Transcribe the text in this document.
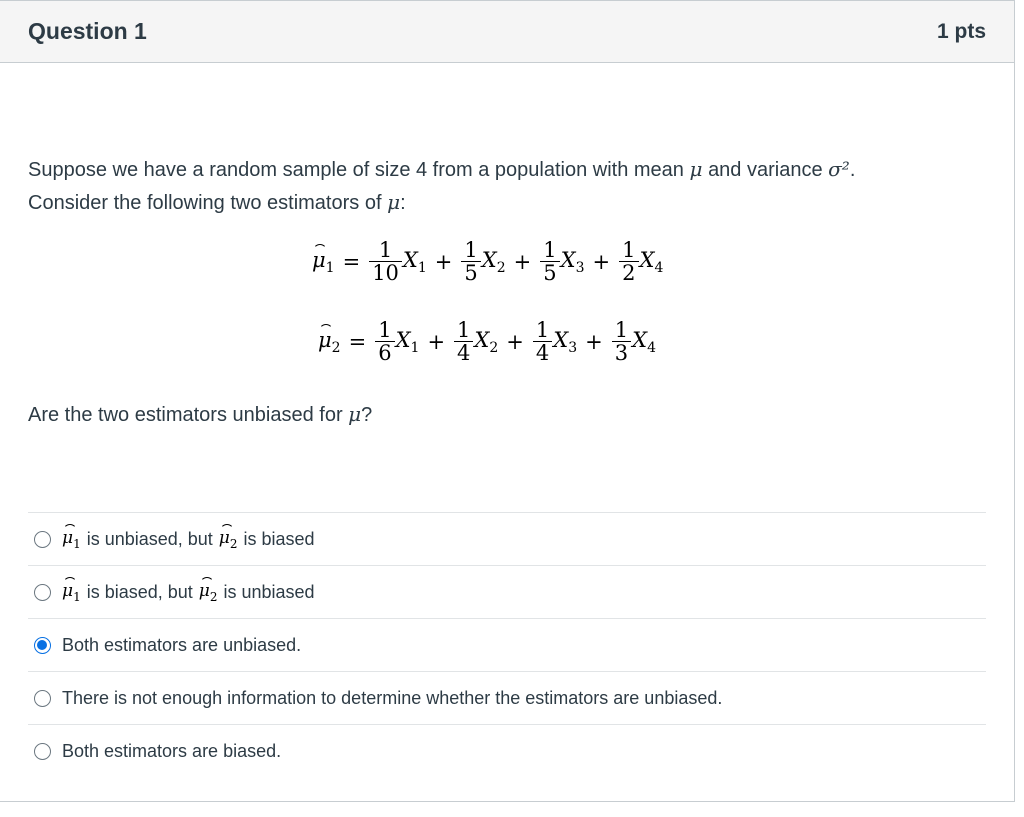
Question 1	1 pts
Suppose we have a random sample of size 4 from a population with mean μ and variance σ².
Consider the following two estimators of μ:
$\mu_1 = \frac{1}{10} X_1 + \frac{1}{5} X_2 + \frac{1}{5} X_3 + \frac{1}{2} X_4$
$\mu_2 = \frac{1}{6} X_1 + \frac{1}{4} X_2 + \frac{1}{4} X_3 + \frac{1}{3} X_4$
Are the two estimators unbiased for μ?
$\mu_1$ is unbiased, but $\mu_2$ is biased
$\mu_1$ is biased, but $\mu_2$ is unbiased
Both estimators are unbiased.
There is not enough information to determine whether the estimators are unbiased.
Both estimators are biased.
